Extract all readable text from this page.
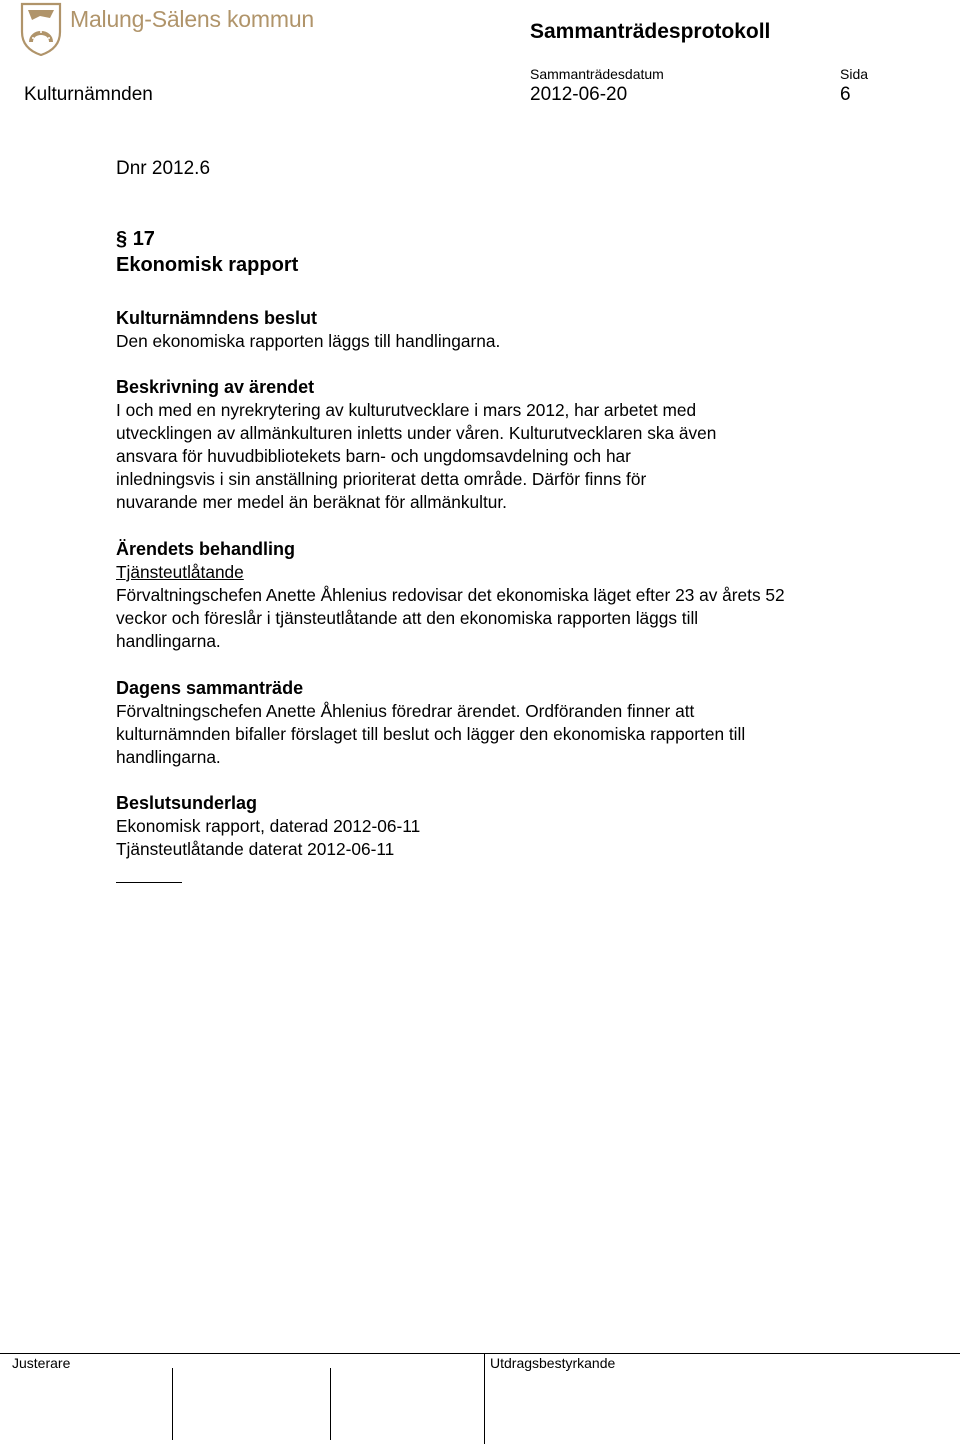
Malung-Sälens kommun	Sammanträdesprotokoll
Sammanträdesdatum	Sida
Kulturnämnden	2012-06-20	6
Dnr 2012.6
§ 17
Ekonomisk rapport

Kulturnämndens beslut

Den ekonomiska rapporten läggs till handlingarna.

Beskrivning av ärendet

I och med en nyrekrytering av kulturutvecklare i mars 2012, har arbetet med

utvecklingen av allmänkulturen inletts under våren. Kulturutvecklaren ska även

ansvara för huvudbibliotekets barn- och ungdomsavdelning och har

inledningsvis i sin anställning prioriterat detta område. Därför finns för

nuvarande mer medel än beräknat för allmänkultur.

Ärendets behandling

Tjänsteutlåtande

Förvaltningschefen Anette Åhlenius redovisar det ekonomiska läget efter 23 av årets 52

veckor och föreslår i tjänsteutlåtande att den ekonomiska rapporten läggs till

handlingarna.

Dagens sammanträde

Förvaltningschefen Anette Åhlenius föredrar ärendet. Ordföranden finner att

kulturnämnden bifaller förslaget till beslut och lägger den ekonomiska rapporten till

handlingarna.

Beslutsunderlag

Ekonomisk rapport, daterad 2012-06-11

Tjänsteutlåtande daterat 2012-06-11

Justerare	Utdragsbestyrkande
